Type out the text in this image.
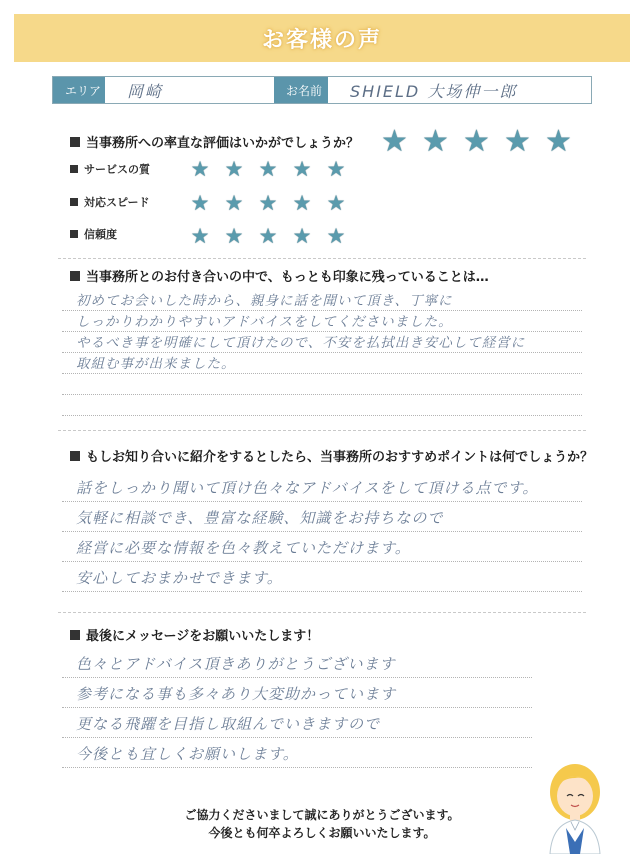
お客様の声
エリア	岡崎	お名前	SHIELD 大场伸一郎
当事務所への率直な評価はいかがでしょうか？ ★ ★ ★ ★ ★
サービスの質	★ ★ ★ ★ ★
対応スピード	★ ★ ★ ★ ★
信頼度	★ ★ ★ ★ ★
当事務所とのお付き合いの中で、もっとも印象に残っていることは…
初めてお会いした時から、親身に話を聞いて頂き、丁寧に
しっかりわかりやすいアドバイスをしてくださいました。
やるべき事を明確にして頂けたので、不安を払拭出き安心して経営に
取組む事が出来ました。
もしお知り合いに紹介をするとしたら、当事務所のおすすめポイントは何でしょうか？
話をしっかり聞いて頂け色々なアドバイスをして頂ける点です。
気軽に相談でき、豊富な経験、知識をお持ちなので
経営に必要な情報を色々教えていただけます。
安心しておまかせできます。
最後にメッセージをお願いいたします！
色々とアドバイス頂きありがとうございます
参考になる事も多々あり大変助かっています
更なる飛躍を目指し取組んでいきますので
今後とも宜しくお願いします。
ご協力くださいまして誠にありがとうございます。
今後とも何卒よろしくお願いいたします。
